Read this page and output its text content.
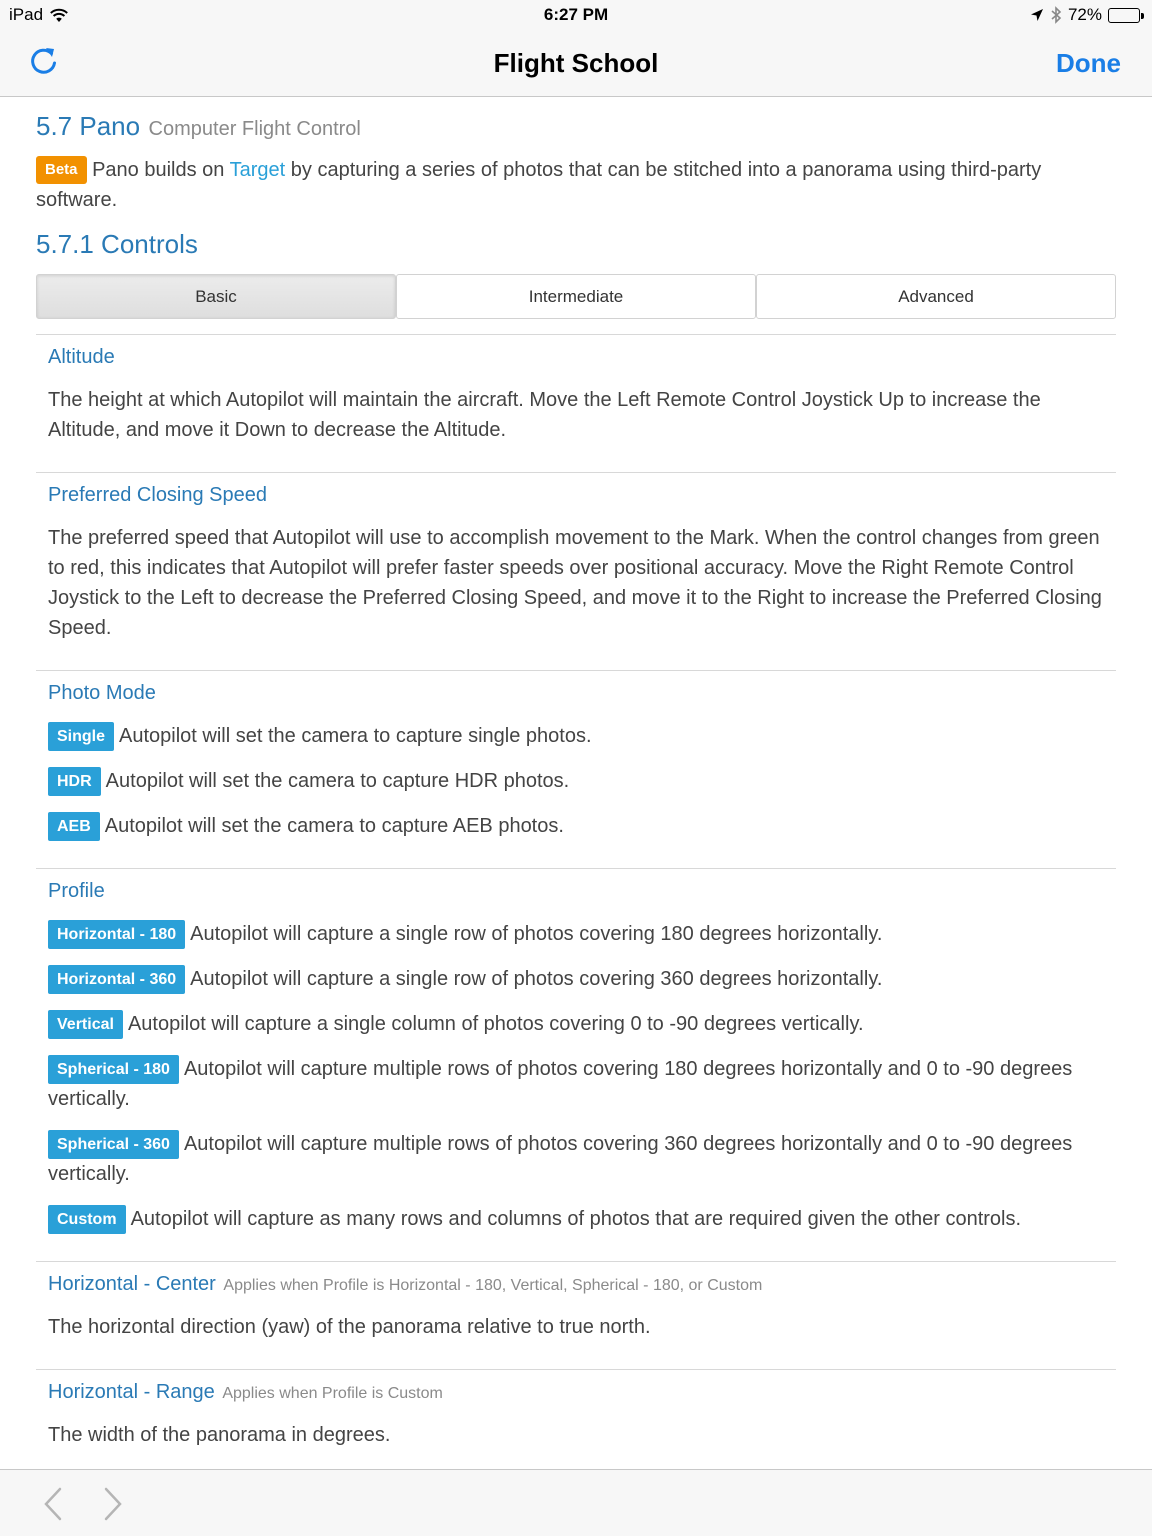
iPad	6:27 PM	72%
Flight School	Done
5.7 Pano Computer Flight Control
Beta Pano builds on Target by capturing a series of photos that can be stitched into a panorama using third-party software.
5.7.1 Controls
Basic	Intermediate	Advanced
Altitude
The height at which Autopilot will maintain the aircraft. Move the Left Remote Control Joystick Up to increase the Altitude, and move it Down to decrease the Altitude.
Preferred Closing Speed
The preferred speed that Autopilot will use to accomplish movement to the Mark. When the control changes from green to red, this indicates that Autopilot will prefer faster speeds over positional accuracy. Move the Right Remote Control Joystick to the Left to decrease the Preferred Closing Speed, and move it to the Right to increase the Preferred Closing Speed.
Photo Mode
Single Autopilot will set the camera to capture single photos.
HDR Autopilot will set the camera to capture HDR photos.
AEB Autopilot will set the camera to capture AEB photos.
Profile
Horizontal - 180 Autopilot will capture a single row of photos covering 180 degrees horizontally.
Horizontal - 360 Autopilot will capture a single row of photos covering 360 degrees horizontally.
Vertical Autopilot will capture a single column of photos covering 0 to -90 degrees vertically.
Spherical - 180 Autopilot will capture multiple rows of photos covering 180 degrees horizontally and 0 to -90 degrees vertically.
Spherical - 360 Autopilot will capture multiple rows of photos covering 360 degrees horizontally and 0 to -90 degrees vertically.
Custom Autopilot will capture as many rows and columns of photos that are required given the other controls.
Horizontal - Center Applies when Profile is Horizontal - 180, Vertical, Spherical - 180, or Custom
The horizontal direction (yaw) of the panorama relative to true north.
Horizontal - Range Applies when Profile is Custom
The width of the panorama in degrees.
